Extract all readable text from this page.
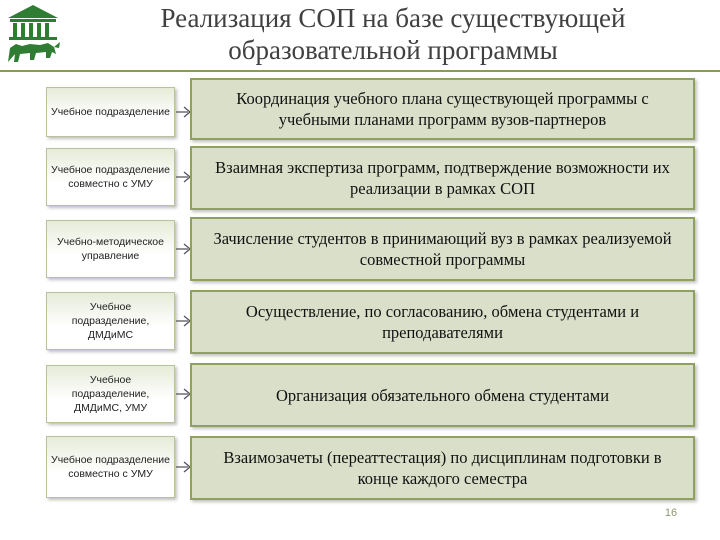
Реализация СОП на базе существующей
образовательной программы
Учебное подразделение
Координация учебного плана существующей программы с учебными планами программ вузов-партнеров
Учебное подразделение совместно с УМУ
Взаимная экспертиза программ, подтверждение возможности их реализации в рамках СОП
Учебно-методическое управление
Зачисление студентов в принимающий вуз в рамках реализуемой совместной программы
Учебное подразделение, ДМДиМС
Осуществление, по согласованию, обмена студентами и преподавателями
Учебное подразделение, ДМДиМС, УМУ
Организация обязательного обмена студентами
Учебное подразделение совместно с УМУ
Взаимозачеты (переаттестация) по дисциплинам подготовки в конце каждого семестра
16
